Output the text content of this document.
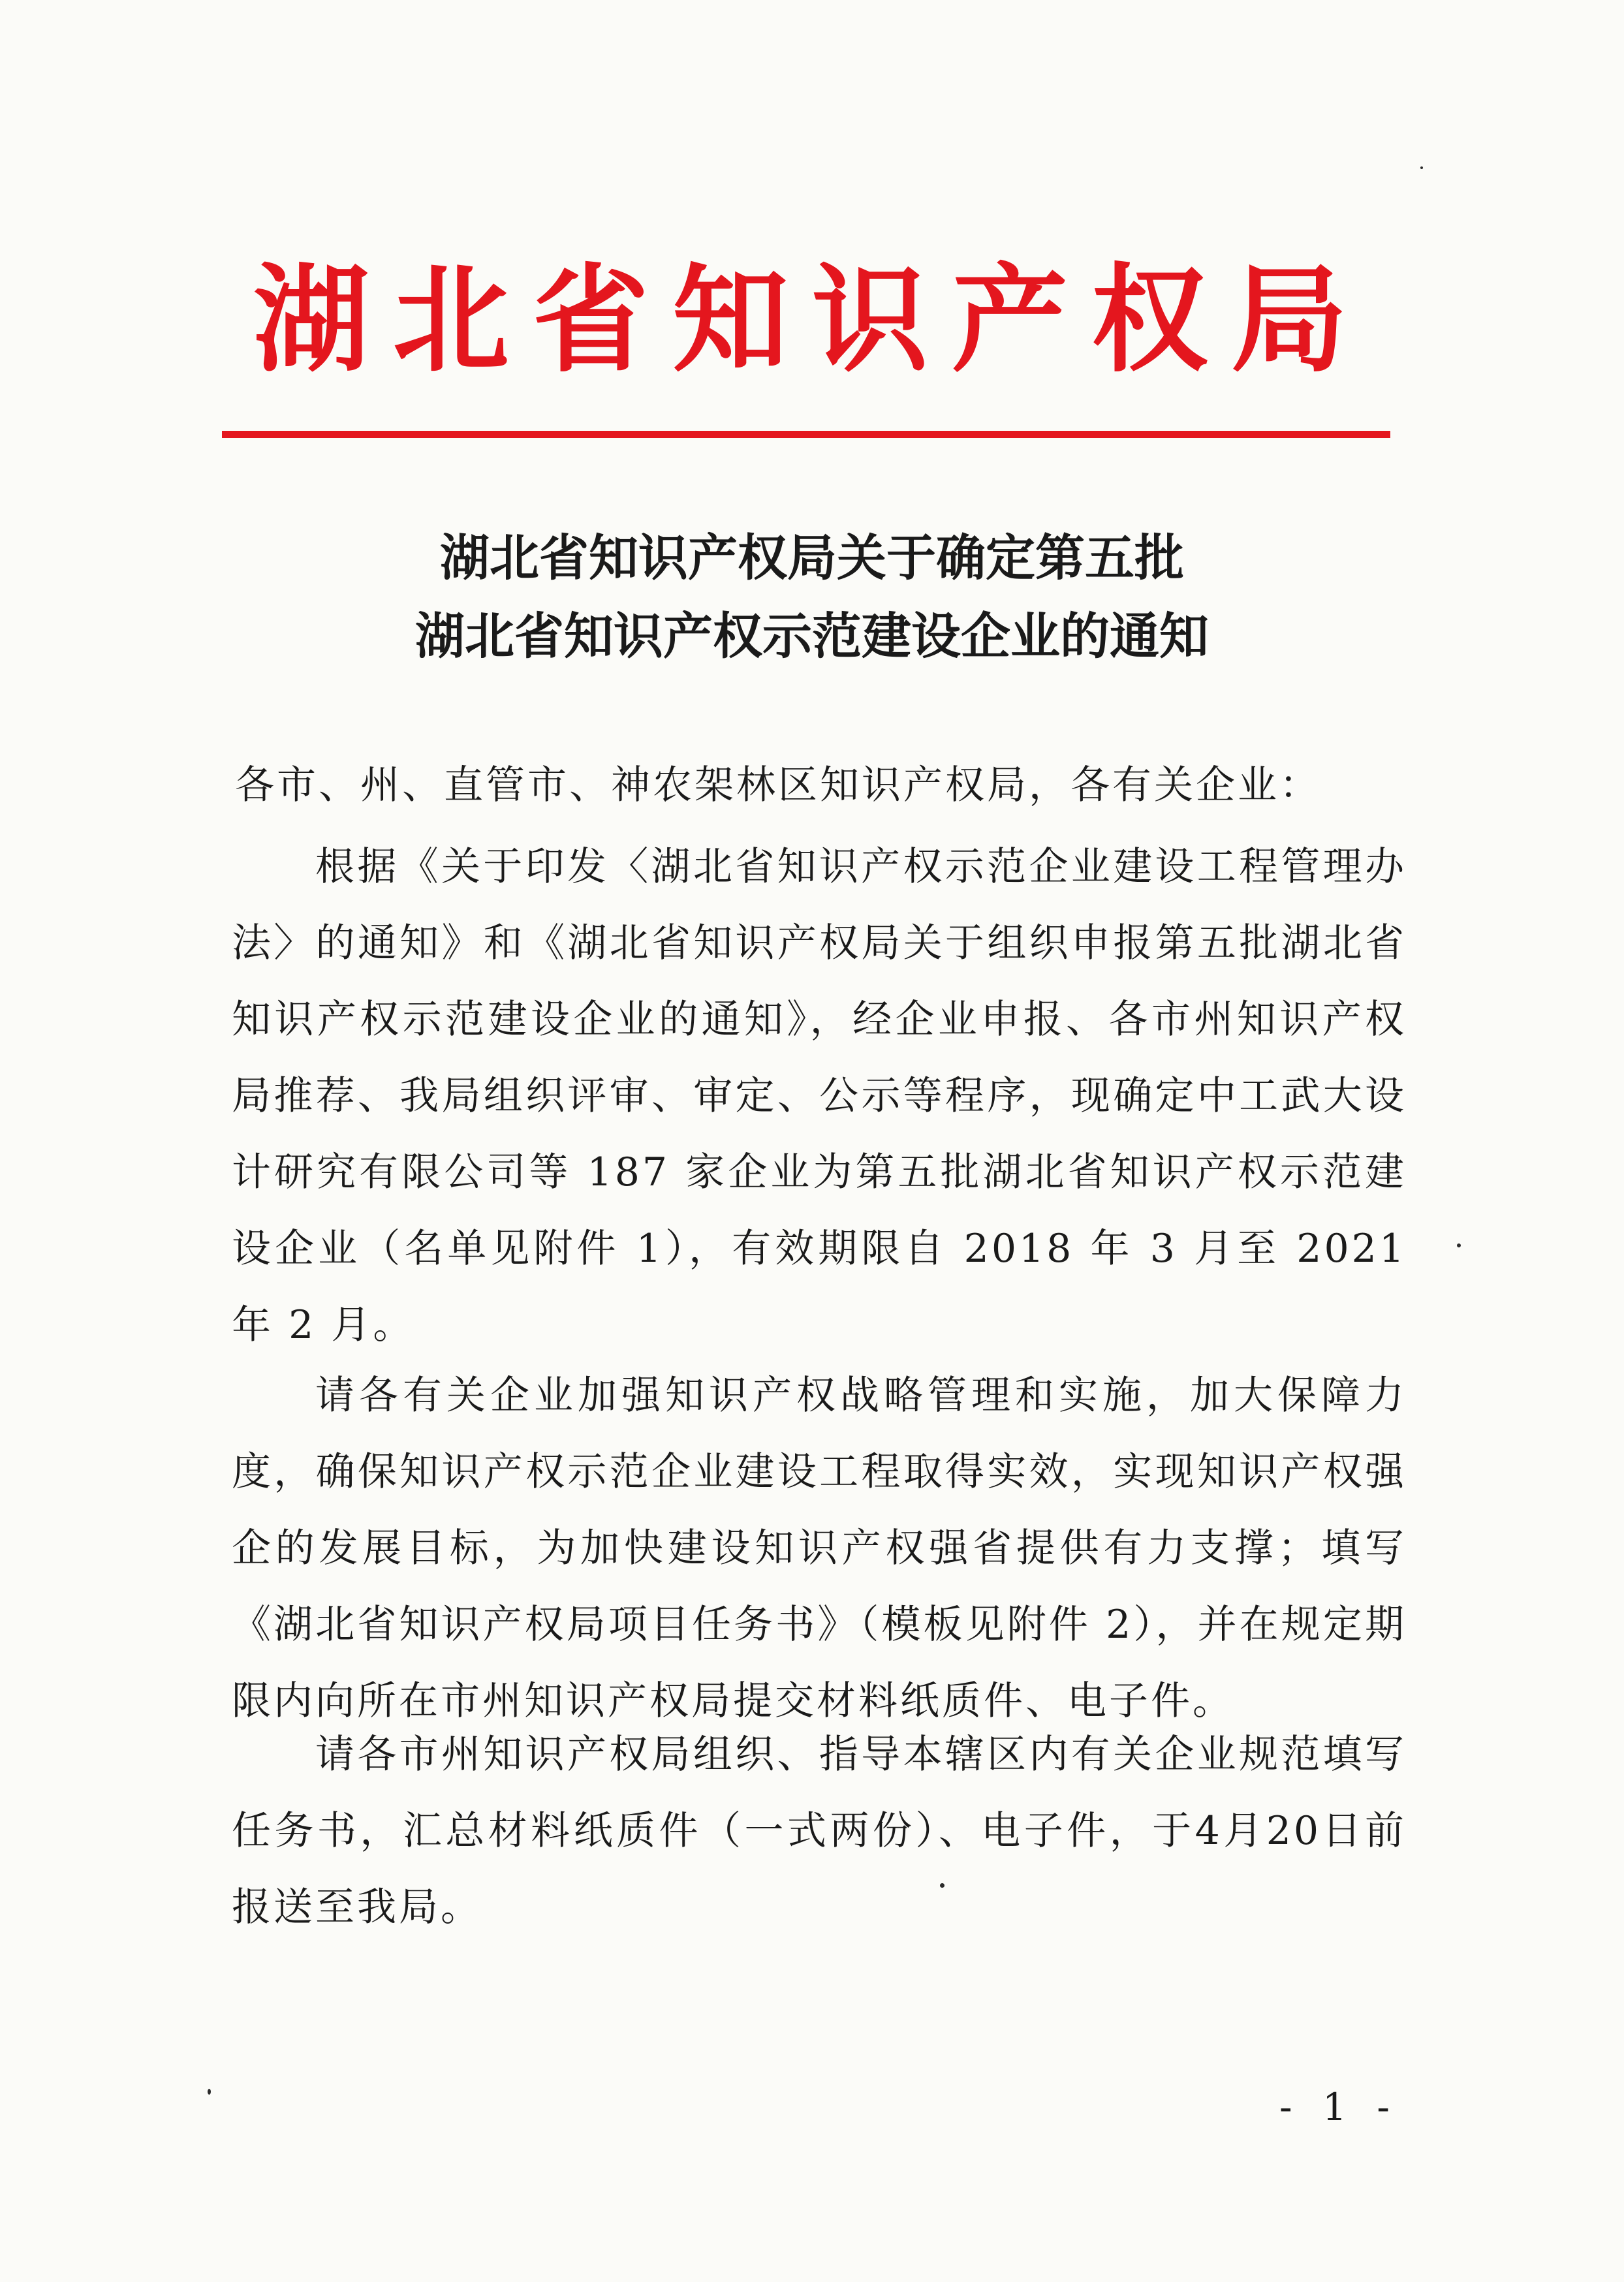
湖北省知识产权局
湖北省知识产权局关于确定第五批
湖北省知识产权示范建设企业的通知
各市、州、直管市、神农架林区知识产权局，各有关企业：

根据《关于印发〈湖北省知识产权示范企业建设工程管理办法〉的通知》和《湖北省知识产权局关于组织申报第五批湖北省知识产权示范建设企业的通知》，经企业申报、各市州知识产权局推荐、我局组织评审、审定、公示等程序，现确定中工武大设计研究有限公司等 187 家企业为第五批湖北省知识产权示范建设企业（名单见附件 1），有效期限自 2018 年 3 月至 2021 年 2 月。

请各有关企业加强知识产权战略管理和实施，加大保障力度，确保知识产权示范企业建设工程取得实效，实现知识产权强企的发展目标，为加快建设知识产权强省提供有力支撑；填写《湖北省知识产权局项目任务书》（模板见附件 2），并在规定期限内向所在市州知识产权局提交材料纸质件、电子件。

请各市州知识产权局组织、指导本辖区内有关企业规范填写任务书，汇总材料纸质件（一式两份）、电子件，于4月20日前报送至我局。

- 1 -
